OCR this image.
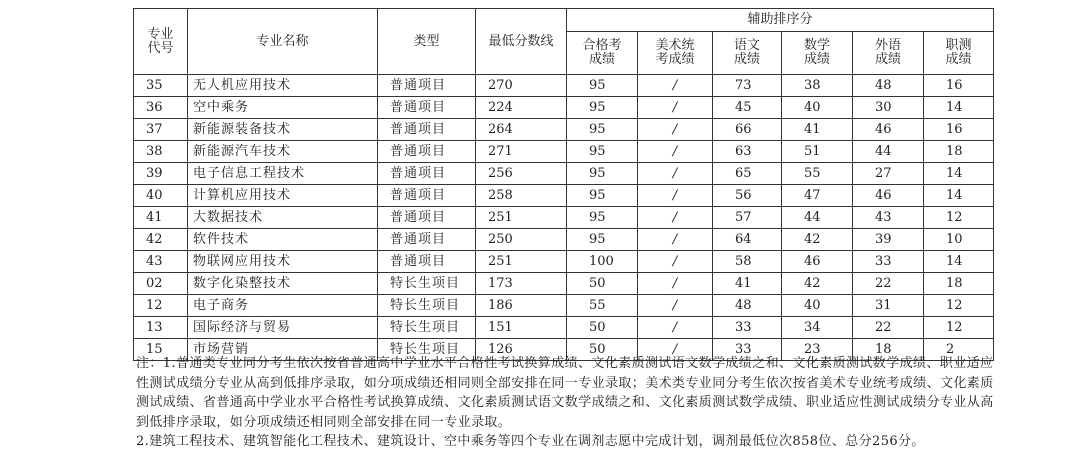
专业代号	专业名称	类型	最低分数线	辅助排序分					
				合格考成绩	美术统考成绩	语文成绩	数学成绩	外语成绩	职测成绩
35	无人机应用技术	普通项目	270	95	/	73	38	48	16
36	空中乘务	普通项目	224	95	/	45	40	30	14
37	新能源装备技术	普通项目	264	95	/	66	41	46	16
38	新能源汽车技术	普通项目	271	95	/	63	51	44	18
39	电子信息工程技术	普通项目	256	95	/	65	55	27	14
40	计算机应用技术	普通项目	258	95	/	56	47	46	14
41	大数据技术	普通项目	251	95	/	57	44	43	12
42	软件技术	普通项目	250	95	/	64	42	39	10
43	物联网应用技术	普通项目	251	100	/	58	46	33	14
02	数字化染整技术	特长生项目	173	50	/	41	42	22	18
12	电子商务	特长生项目	186	55	/	48	40	31	12
13	国际经济与贸易	特长生项目	151	50	/	33	34	22	12
15	市场营销	特长生项目	126	50	/	33	23	18	2

注：1.普通类专业同分考生依次按省普通高中学业水平合格性考试换算成绩、文化素质测试语文数学成绩之和、文化素质测试数学成绩、职业适应性测试成绩分专业从高到低排序录取，如分项成绩还相同则全部安排在同一专业录取；美术类专业同分考生依次按省美术专业统考成绩、文化素质测试成绩、省普通高中学业水平合格性考试换算成绩、文化素质测试语文数学成绩之和、文化素质测试数学成绩、职业适应性测试成绩分专业从高到低排序录取，如分项成绩还相同则全部安排在同一专业录取。

2.建筑工程技术、建筑智能化工程技术、建筑设计、空中乘务等四个专业在调剂志愿中完成计划，调剂最低位次858位、总分256分。
